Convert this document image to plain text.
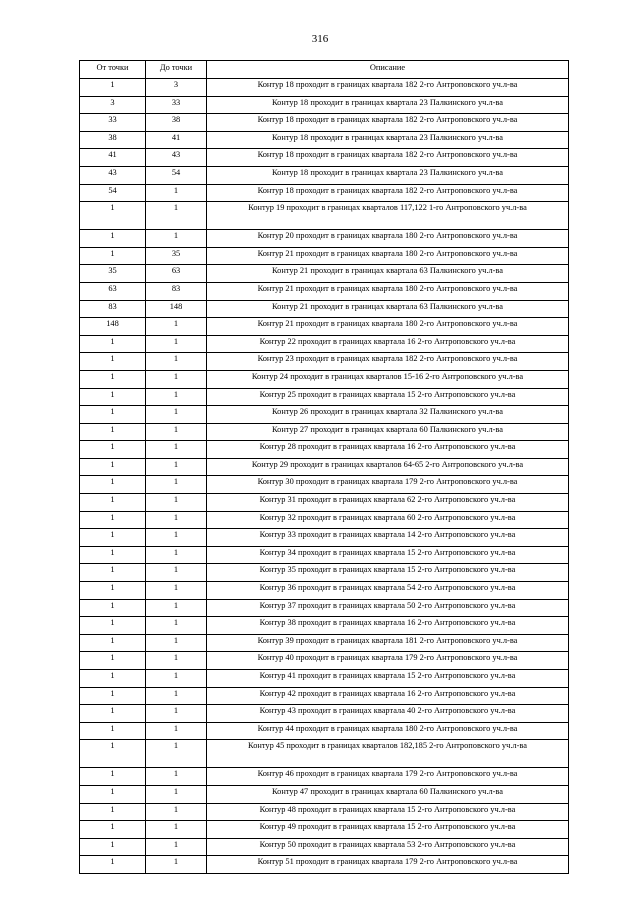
316
От точки	До точки	Описание
1	3	Контур 18 проходит в границах квартала 182 2-го Антроповского уч.л-ва
3	33	Контур 18 проходит в границах квартала 23 Палкинского уч.л-ва
33	38	Контур 18 проходит в границах квартала 182 2-го Антроповского уч.л-ва
38	41	Контур 18 проходит в границах квартала 23 Палкинского уч.л-ва
41	43	Контур 18 проходит в границах квартала 182 2-го Антроповского уч.л-ва
43	54	Контур 18 проходит в границах квартала 23 Палкинского уч.л-ва
54	1	Контур 18 проходит в границах квартала 182 2-го Антроповского уч.л-ва
1	1	Контур 19 проходит в границах кварталов 117,122 1-го Антроповского уч.л-ва
1	1	Контур 20 проходит в границах квартала 180 2-го Антроповского уч.л-ва
1	35	Контур 21 проходит в границах квартала 180 2-го Антроповского уч.л-ва
35	63	Контур 21 проходит в границах квартала 63 Палкинского уч.л-ва
63	83	Контур 21 проходит в границах квартала 180 2-го Антроповского уч.л-ва
83	148	Контур 21 проходит в границах квартала 63 Палкинского уч.л-ва
148	1	Контур 21 проходит в границах квартала 180 2-го Антроповского уч.л-ва
1	1	Контур 22 проходит в границах квартала 16 2-го Антроповского уч.л-ва
1	1	Контур 23 проходит в границах квартала 182 2-го Антроповского уч.л-ва
1	1	Контур 24 проходит в границах кварталов 15-16 2-го Антроповского уч.л-ва
1	1	Контур 25 проходит в границах квартала 15 2-го Антроповского уч.л-ва
1	1	Контур 26 проходит в границах квартала 32 Палкинского уч.л-ва
1	1	Контур 27 проходит в границах квартала 60 Палкинского уч.л-ва
1	1	Контур 28 проходит в границах квартала 16 2-го Антроповского уч.л-ва
1	1	Контур 29 проходит в границах кварталов 64-65 2-го Антроповского уч.л-ва
1	1	Контур 30 проходит в границах квартала 179 2-го Антроповского уч.л-ва
1	1	Контур 31 проходит в границах квартала 62 2-го Антроповского уч.л-ва
1	1	Контур 32 проходит в границах квартала 60 2-го Антроповского уч.л-ва
1	1	Контур 33 проходит в границах квартала 14 2-го Антроповского уч.л-ва
1	1	Контур 34 проходит в границах квартала 15 2-го Антроповского уч.л-ва
1	1	Контур 35 проходит в границах квартала 15 2-го Антроповского уч.л-ва
1	1	Контур 36 проходит в границах квартала 54 2-го Антроповского уч.л-ва
1	1	Контур 37 проходит в границах квартала 50 2-го Антроповского уч.л-ва
1	1	Контур 38 проходит в границах квартала 16 2-го Антроповского уч.л-ва
1	1	Контур 39 проходит в границах квартала 181 2-го Антроповского уч.л-ва
1	1	Контур 40 проходит в границах квартала 179 2-го Антроповского уч.л-ва
1	1	Контур 41 проходит в границах квартала 15 2-го Антроповского уч.л-ва
1	1	Контур 42 проходит в границах квартала 16 2-го Антроповского уч.л-ва
1	1	Контур 43 проходит в границах квартала 40 2-го Антроповского уч.л-ва
1	1	Контур 44 проходит в границах квартала 180 2-го Антроповского уч.л-ва
1	1	Контур 45 проходит в границах кварталов 182,185 2-го Антроповского уч.л-ва
1	1	Контур 46 проходит в границах квартала 179 2-го Антроповского уч.л-ва
1	1	Контур 47 проходит в границах квартала 60 Палкинского уч.л-ва
1	1	Контур 48 проходит в границах квартала 15 2-го Антроповского уч.л-ва
1	1	Контур 49 проходит в границах квартала 15 2-го Антроповского уч.л-ва
1	1	Контур 50 проходит в границах квартала 53 2-го Антроповского уч.л-ва
1	1	Контур 51 проходит в границах квартала 179 2-го Антроповского уч.л-ва
